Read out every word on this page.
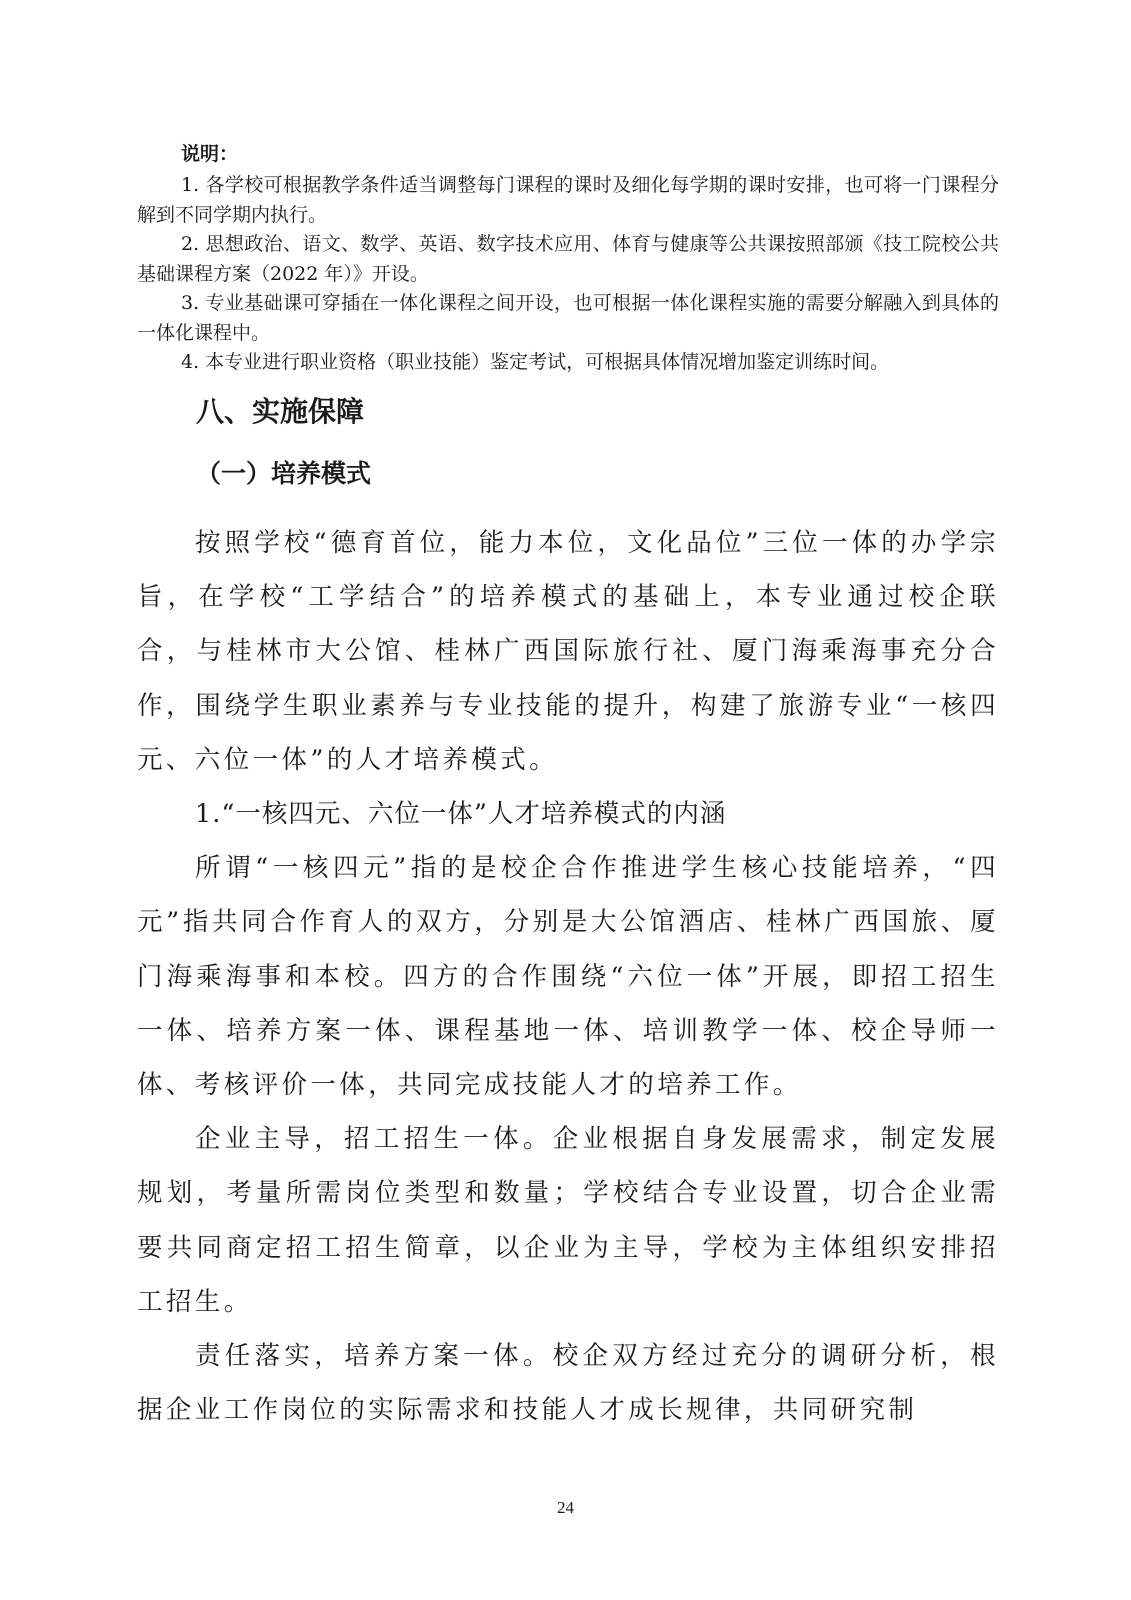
说明：

1. 各学校可根据教学条件适当调整每门课程的课时及细化每学期的课时安排，也可将一门课程分解到不同学期内执行。

2. 思想政治、语文、数学、英语、数字技术应用、体育与健康等公共课按照部颁《技工院校公共基础课程方案（2022 年）》开设。

3. 专业基础课可穿插在一体化课程之间开设，也可根据一体化课程实施的需要分解融入到具体的一体化课程中。

4. 本专业进行职业资格（职业技能）鉴定考试，可根据具体情况增加鉴定训练时间。

八、实施保障
（一）培养模式

按照学校“德育首位，能力本位，文化品位”三位一体的办学宗旨，在学校“工学结合”的培养模式的基础上，本专业通过校企联合，与桂林市大公馆、桂林广西国际旅行社、厦门海乘海事充分合作，围绕学生职业素养与专业技能的提升，构建了旅游专业“一核四元、六位一体”的人才培养模式。

1.“一核四元、六位一体”人才培养模式的内涵

所谓“一核四元”指的是校企合作推进学生核心技能培养，“四元”指共同合作育人的双方，分别是大公馆酒店、桂林广西国旅、厦门海乘海事和本校。四方的合作围绕“六位一体”开展，即招工招生一体、培养方案一体、课程基地一体、培训教学一体、校企导师一体、考核评价一体，共同完成技能人才的培养工作。

企业主导，招工招生一体。企业根据自身发展需求，制定发展规划，考量所需岗位类型和数量；学校结合专业设置，切合企业需要共同商定招工招生简章，以企业为主导，学校为主体组织安排招工招生。

责任落实，培养方案一体。校企双方经过充分的调研分析，根据企业工作岗位的实际需求和技能人才成长规律，共同研究制

24
